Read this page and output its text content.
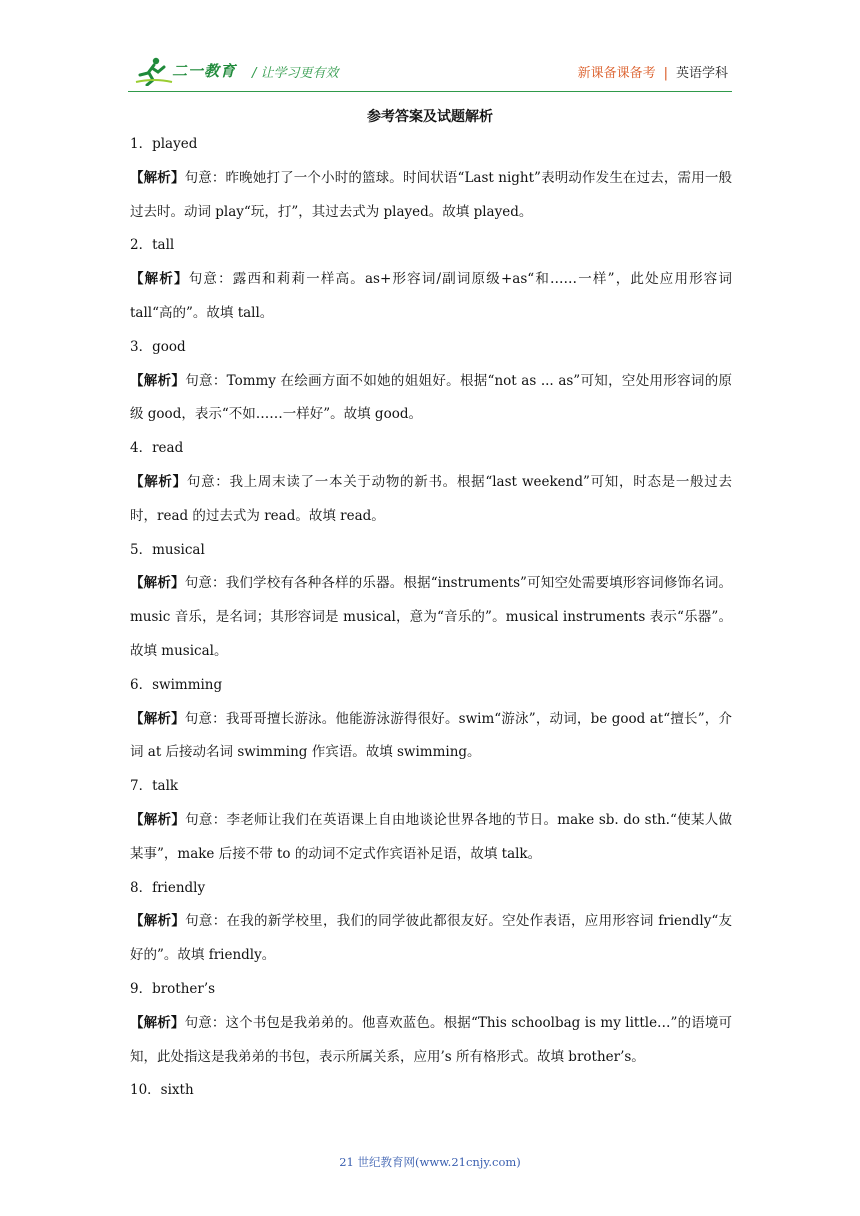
二一教育 / 让学习更有效	新课备课备考 | 英语学科
参考答案及试题解析
1．played
【解析】句意：昨晚她打了一个小时的篮球。时间状语“Last night”表明动作发生在过去，需用一般过去时。动词 play“玩，打”，其过去式为 played。故填 played。
2．tall
【解析】句意：露西和莉莉一样高。as+形容词/副词原级+as“和……一样”，此处应用形容词 tall“高的”。故填 tall。
3．good
【解析】句意：Tommy 在绘画方面不如她的姐姐好。根据“not as ... as”可知，空处用形容词的原级 good，表示“不如……一样好”。故填 good。
4．read
【解析】句意：我上周末读了一本关于动物的新书。根据“last weekend”可知，时态是一般过去时，read 的过去式为 read。故填 read。
5．musical
【解析】句意：我们学校有各种各样的乐器。根据“instruments”可知空处需要填形容词修饰名词。music 音乐，是名词；其形容词是 musical，意为“音乐的”。musical instruments 表示“乐器”。故填 musical。
6．swimming
【解析】句意：我哥哥擅长游泳。他能游泳游得很好。swim“游泳”，动词，be good at“擅长”，介词 at 后接动名词 swimming 作宾语。故填 swimming。
7．talk
【解析】句意：李老师让我们在英语课上自由地谈论世界各地的节日。make sb. do sth.“使某人做某事”，make 后接不带 to 的动词不定式作宾语补足语，故填 talk。
8．friendly
【解析】句意：在我的新学校里，我们的同学彼此都很友好。空处作表语，应用形容词 friendly“友好的”。故填 friendly。
9．brother’s
【解析】句意：这个书包是我弟弟的。他喜欢蓝色。根据“This schoolbag is my little…”的语境可知，此处指这是我弟弟的书包，表示所属关系，应用’s 所有格形式。故填 brother’s。
10．sixth
21 世纪教育网(www.21cnjy.com)
